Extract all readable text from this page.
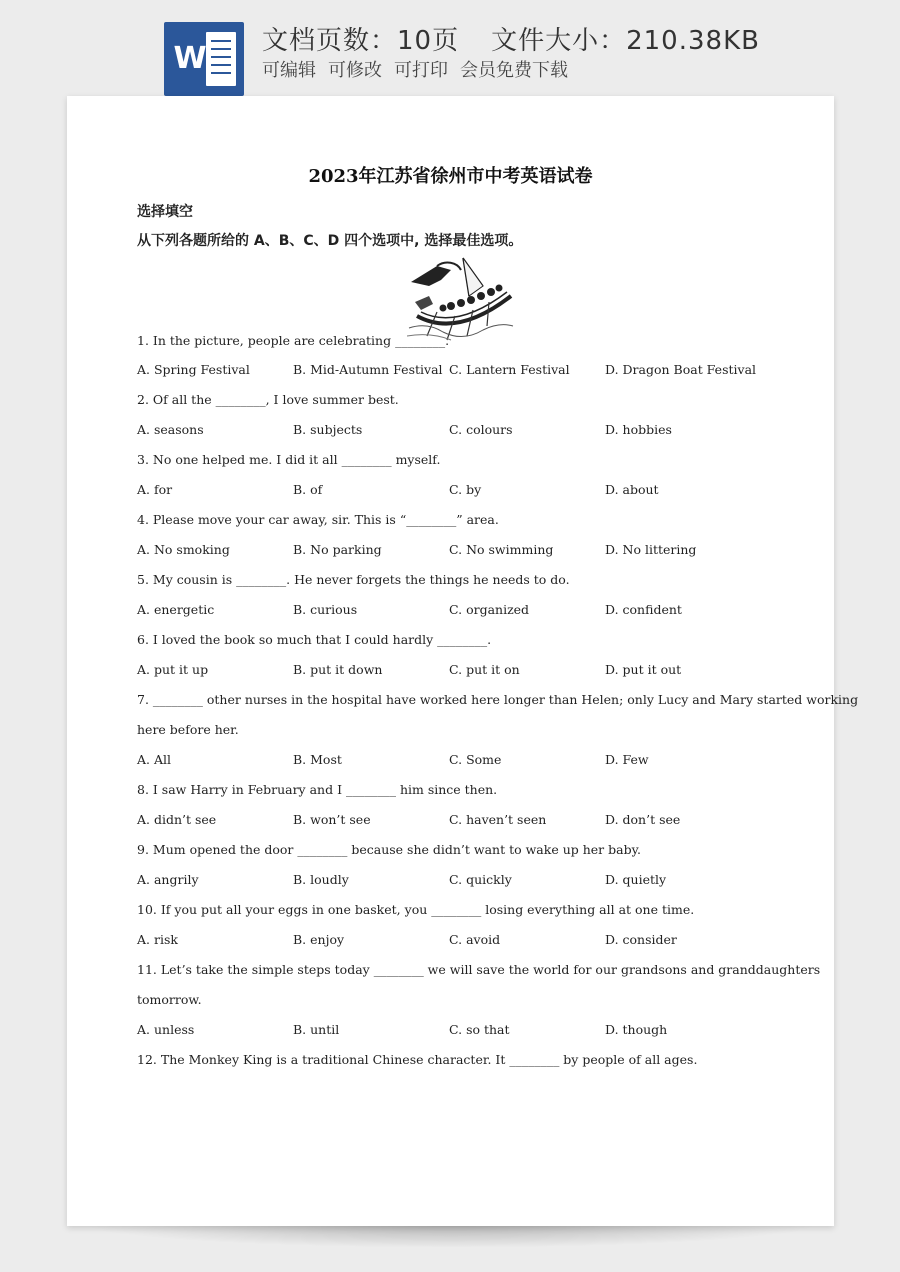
W 文档页数：10页 文件大小：210.38KB
可编辑 可修改 可打印 会员免费下载
2023年江苏省徐州市中考英语试卷
选择填空
从下列各题所给的 A、B、C、D 四个选项中, 选择最佳选项。
1. In the picture, people are celebrating ________.
A. Spring Festival	B. Mid-Autumn Festival C. Lantern Festival	D. Dragon Boat Festival
2. Of all the ________, I love summer best.
A. seasons	B. subjects	C. colours	D. hobbies
3. No one helped me. I did it all ________ myself.
A. for	B. of	C. by	D. about
4. Please move your car away, sir. This is “________” area.
A. No smoking	B. No parking	C. No swimming	D. No littering
5. My cousin is ________. He never forgets the things he needs to do.
A. energetic	B. curious	C. organized	D. confident
6. I loved the book so much that I could hardly ________.
A. put it up	B. put it down	C. put it on	D. put it out
7. ________ other nurses in the hospital have worked here longer than Helen; only Lucy and Mary started working
here before her.
A. All	B. Most	C. Some	D. Few
8. I saw Harry in February and I ________ him since then.
A. didn’t see	B. won’t see	C. haven’t seen	D. don’t see
9. Mum opened the door ________ because she didn’t want to wake up her baby.
A. angrily	B. loudly	C. quickly	D. quietly
10. If you put all your eggs in one basket, you ________ losing everything all at one time.
A. risk	B. enjoy	C. avoid	D. consider
11. Let’s take the simple steps today ________ we will save the world for our grandsons and granddaughters
tomorrow.
A. unless	B. until	C. so that	D. though
12. The Monkey King is a traditional Chinese character. It ________ by people of all ages.
